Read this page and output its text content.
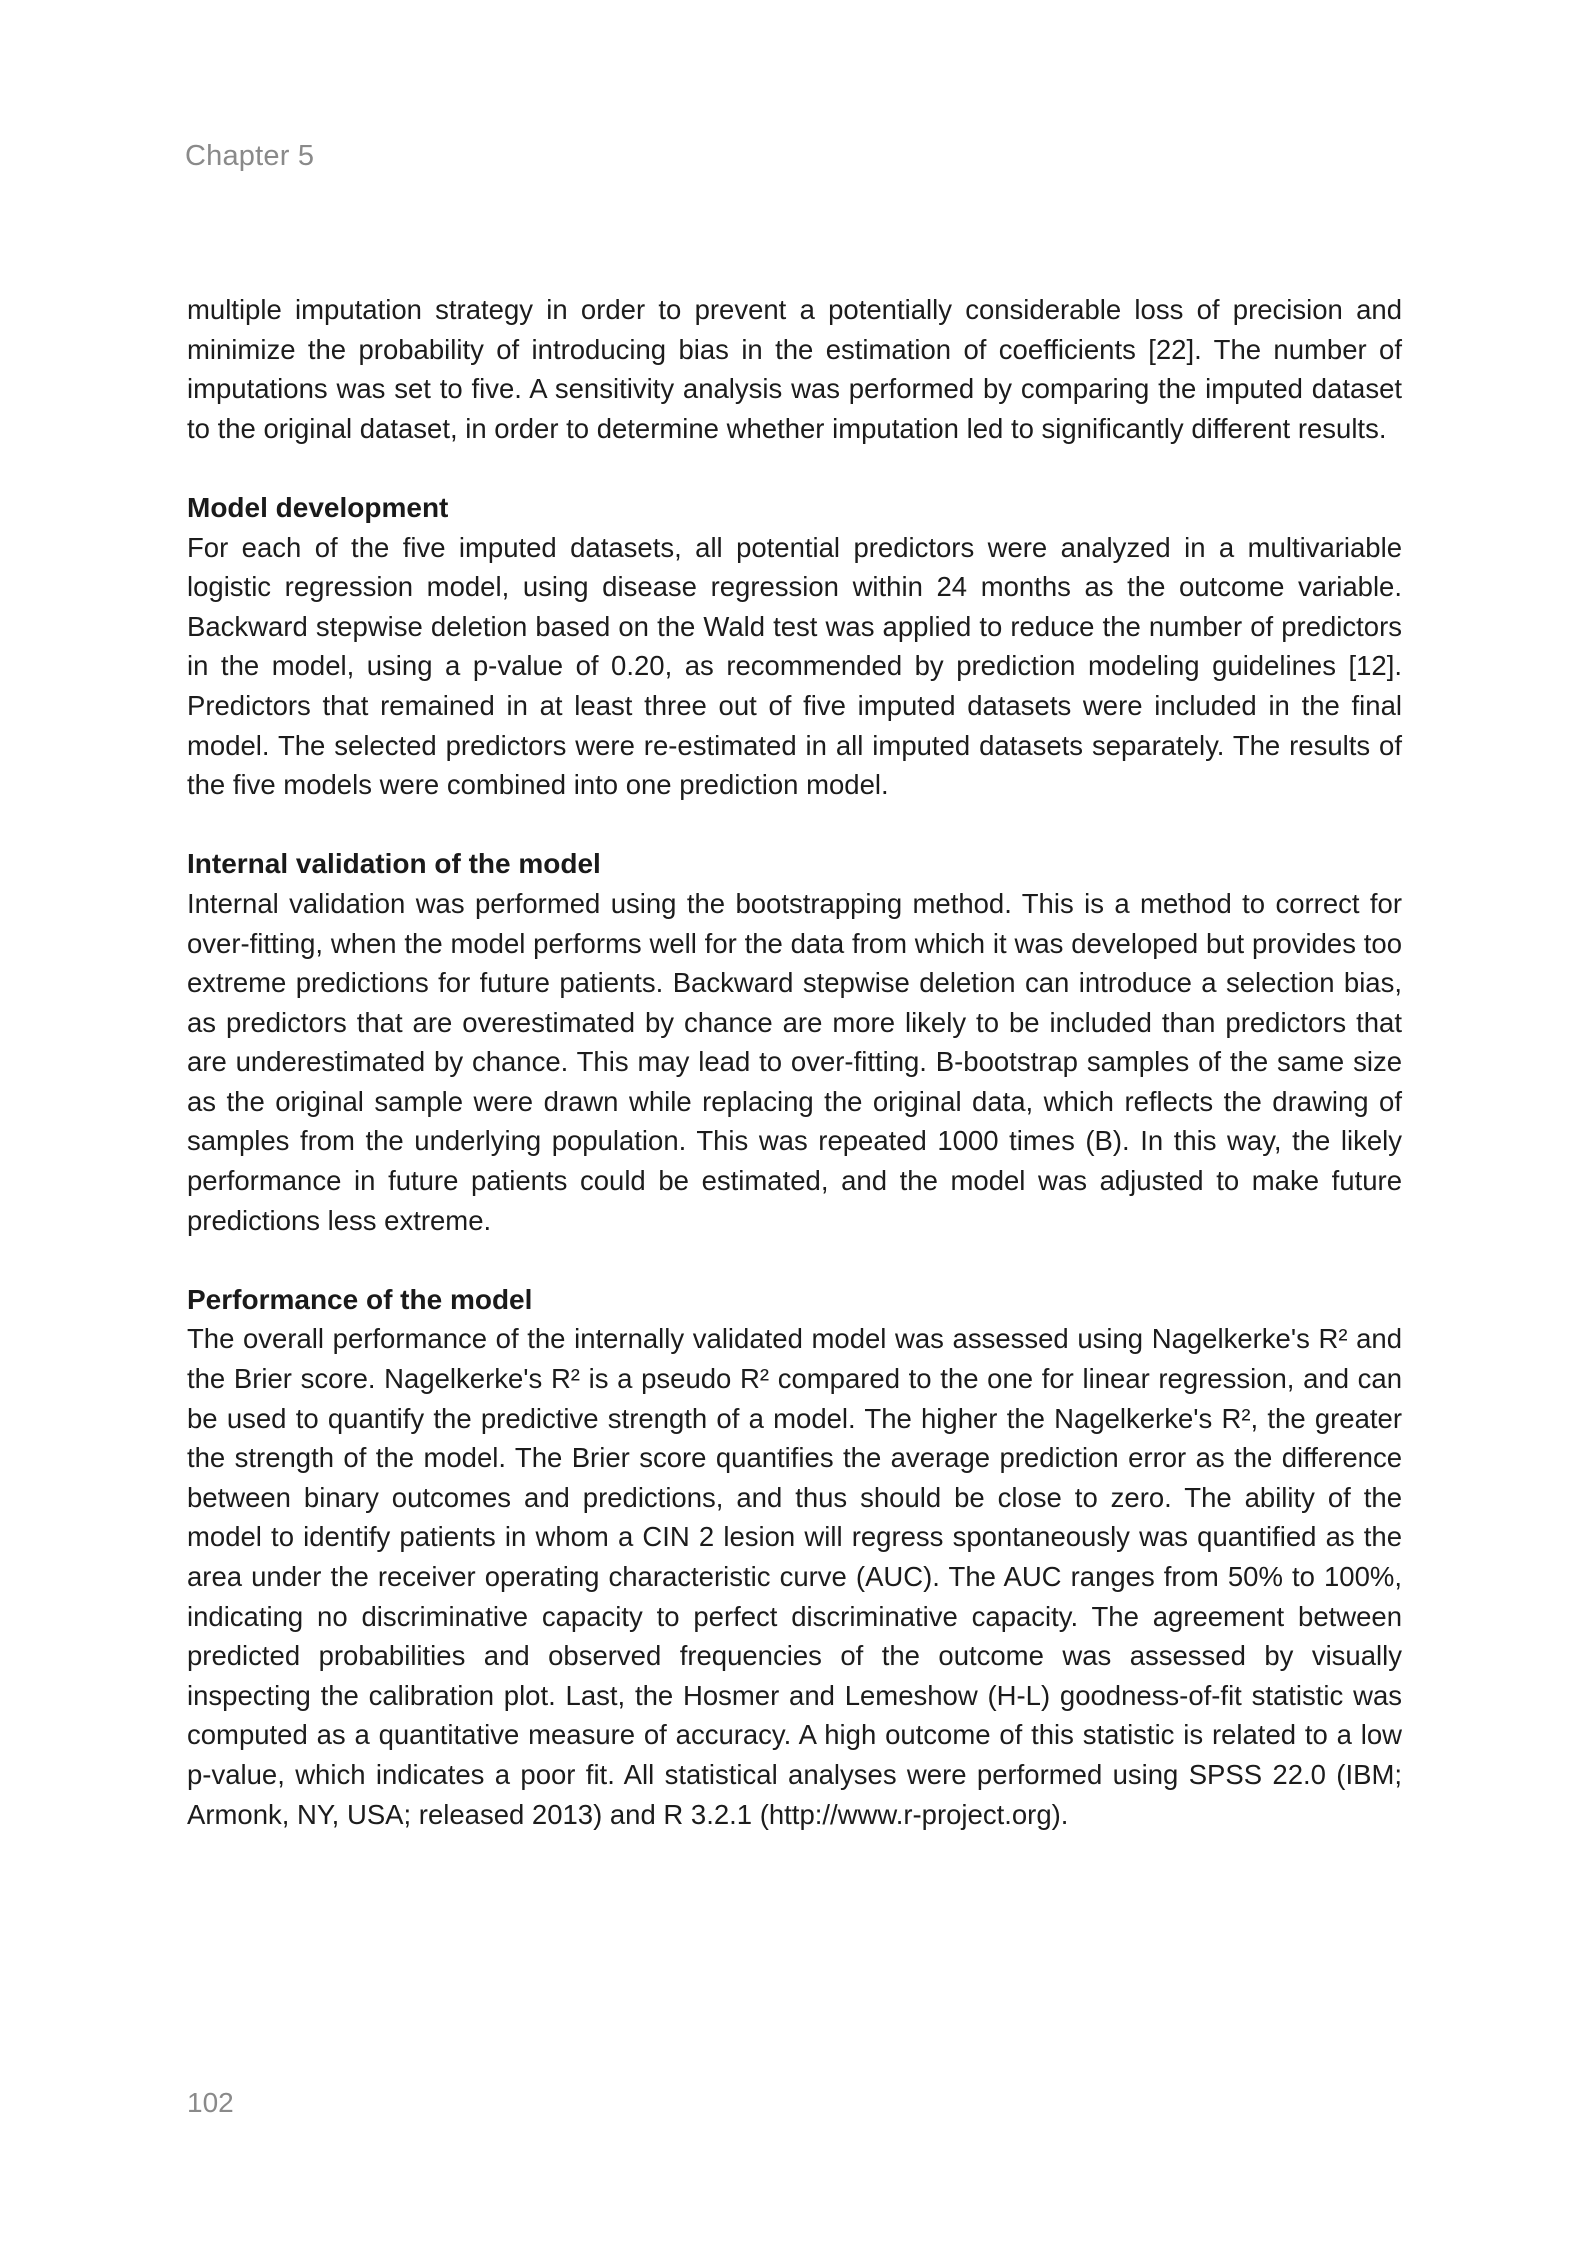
Chapter 5

multiple imputation strategy in order to prevent a potentially considerable loss of precision and minimize the probability of introducing bias in the estimation of coefficients [22]. The number of imputations was set to five. A sensitivity analysis was performed by comparing the imputed dataset to the original dataset, in order to determine whether imputation led to significantly different results.

Model development

For each of the five imputed datasets, all potential predictors were analyzed in a multivariable logistic regression model, using disease regression within 24 months as the outcome variable. Backward stepwise deletion based on the Wald test was applied to reduce the number of predictors in the model, using a p-value of 0.20, as recommended by prediction modeling guidelines [12]. Predictors that remained in at least three out of five imputed datasets were included in the final model. The selected predictors were re-estimated in all imputed datasets separately. The results of the five models were combined into one prediction model.

Internal validation of the model

Internal validation was performed using the bootstrapping method. This is a method to correct for over-fitting, when the model performs well for the data from which it was developed but provides too extreme predictions for future patients. Backward stepwise deletion can introduce a selection bias, as predictors that are overestimated by chance are more likely to be included than predictors that are underestimated by chance. This may lead to over-fitting. B-bootstrap samples of the same size as the original sample were drawn while replacing the original data, which reflects the drawing of samples from the underlying population. This was repeated 1000 times (B). In this way, the likely performance in future patients could be estimated, and the model was adjusted to make future predictions less extreme.

Performance of the model

The overall performance of the internally validated model was assessed using Nagelkerke's R² and the Brier score. Nagelkerke's R² is a pseudo R² compared to the one for linear regression, and can be used to quantify the predictive strength of a model. The higher the Nagelkerke's R², the greater the strength of the model. The Brier score quantifies the average prediction error as the difference between binary outcomes and predictions, and thus should be close to zero. The ability of the model to identify patients in whom a CIN 2 lesion will regress spontaneously was quantified as the area under the receiver operating characteristic curve (AUC). The AUC ranges from 50% to 100%, indicating no discriminative capacity to perfect discriminative capacity. The agreement between predicted probabilities and observed frequencies of the outcome was assessed by visually inspecting the calibration plot. Last, the Hosmer and Lemeshow (H-L) goodness-of-fit statistic was computed as a quantitative measure of accuracy. A high outcome of this statistic is related to a low p-value, which indicates a poor fit. All statistical analyses were performed using SPSS 22.0 (IBM; Armonk, NY, USA; released 2013) and R 3.2.1 (http://www.r-project.org).

102
